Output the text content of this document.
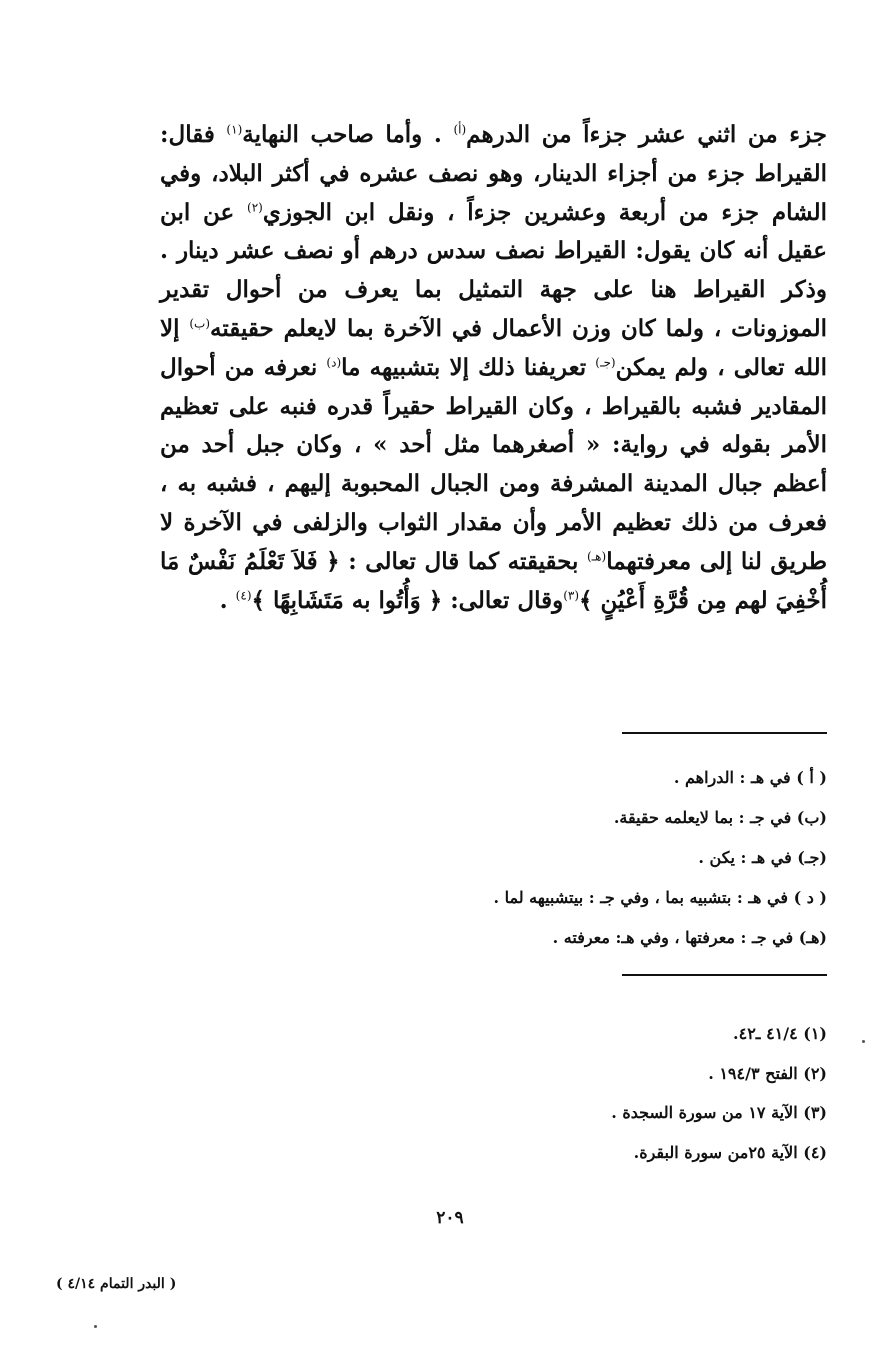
جزء من اثني عشر جزءاً من الدرهم$^{(أ)}$ . وأما صاحب النهاية$^{(١)}$ فقال: القيراط جزء من أجزاء الدينار، وهو نصف عشره في أكثر البلاد، وفي الشام جزء من أربعة وعشرين جزءاً ، ونقل ابن الجوزي$^{(٢)}$ عن ابن عقيل أنه كان يقول: القيراط نصف سدس درهم أو نصف عشر دينار . وذكر القيراط هنا على جهة التمثيل بما يعرف من أحوال تقدير الموزونات ، ولما كان وزن الأعمال في الآخرة بما لايعلم حقيقته$^{(ب)}$ إلا الله تعالى ، ولم يمكن$^{(جـ)}$ تعريفنا ذلك إلا بتشبيهه ما$^{(د)}$ نعرفه من أحوال المقادير فشبه بالقيراط ، وكان القيراط حقيراً قدره فنبه على تعظيم الأمر بقوله في رواية: « أصغرهما مثل أحد » ، وكان جبل أحد من أعظم جبال المدينة المشرفة ومن الجبال المحبوبة إليهم ، فشبه به ، فعرف من ذلك تعظيم الأمر وأن مقدار الثواب والزلفى في الآخرة لا طريق لنا إلى معرفتهما$^{(هـ)}$ بحقيقته كما قال تعالى : ﴿ فَلاَ تَعْلَمُ نَفْسٌ مَا أُخْفِيَ لهم مِن قُرَّةِ أَعْيُنٍ ﴾$^{(٣)}$وقال تعالى: ﴿ وَأُتُوا به مَتَشَابِهًا ﴾$^{(٤)}$ .
( أ ) في هـ : الدراهم .
(ب) في جـ : بما لايعلمه حقيقة.
(جـ) في هـ : يكن .
( د ) في هـ : بتشبيه بما ، وفي جـ : بيتشبيهه لما .
(هـ) في جـ : معرفتها ، وفي هـ: معرفته .
(١) ٤١/٤ ـ٤٢.
(٢) الفتح ١٩٤/٣ .
(٣) الآية ١٧ من سورة السجدة .
(٤) الآية ٢٥من سورة البقرة.
٢٠٩
( البدر التمام ٤/١٤ )
